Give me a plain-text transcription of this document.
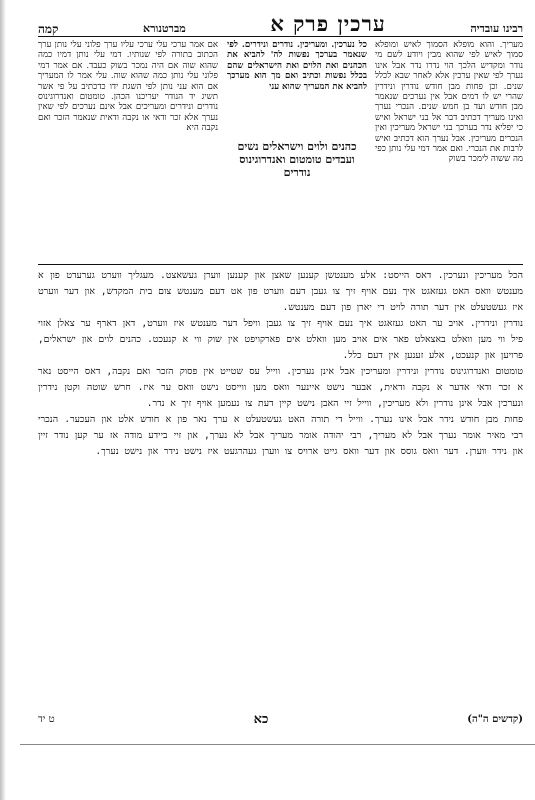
רבינו עובדיה
ערכין פרק א
מברטנורא
קמה
מעריך. והוא מופלא הסמוך לאיש ומופלא סמוך לאיש לפי שהוא מבין ויודע לשם מי נודר ומקדיש הלכך הוי נדרו נדר אבל אינו נערך לפי שאין ערכין אלא לאחר שבא לכלל שנים. וכן פחות מבן חודש נודרין ונידרין שהרי יש לו דמים אבל אין נערכים שנאמר מבן חודש ועד בן חמש שנים. הנכרי נערך ואינו מעריך דכתיב דבר אל בני ישראל ואיש כי יפליא נדר בערכך בני ישראל מעריכין ואין הנכרים מעריכין. אבל נערך הוא דכתיב ואיש לרבות את הנכרי. ואם אמר דמי עלי נותן כפי מה ששוה לימכר בשוק
כל נערכין. ומעריכין. נודרים ונידרים. לפי שנאמר בערכך נפשות לה' להביא את הכהנים ואת הלוים ואת הישראלים שהם בכלל נפשות וכתיב ואם מך הוא מערכך להביא את המעריך שהוא עני
כהנים ולוים וישראלים נשים ועבדים טומטום ואנדרוגינוס נודרים
אם אמר ערכי עלי ערכי עליו ערך פלוני עלי נותן ערך הכתוב בתורה לפי שנותיו. דמי עלי נותן דמיו כמה שהוא שוה אם היה נמכר בשוק כעבד. אם אמר דמי פלוני עלי נותן כמה שהוא שוה. עלי אמר לו המעריך אם הוא עני נותן לפי השגת ידו כדכתיב על פי אשר תשיג יד הנודר יעריכנו הכהן. טומטום ואנדרוגינוס נודרים ונידרים ומעריכים אבל אינם נערכים לפי שאין נערך אלא זכר ודאי או נקבה ודאית שנאמר הזכר ואם נקבה היא

הכל מעריכין ונערכין. דאס הייסט: אלע מענטשן קענען שאצן און קענען ווערן געשאצט. מעגליך ווערט גערעדט פון א מענטש וואס האט געזאגט איך נעם אויף זיך צו געבן דעם ווערט פון אט דעם מענטש צום בית המקדש, און דער ווערט איז געשטעלט אין דער תורה לויט די יארן פון דעם מענטש.

נודרין ונידרין. אויב ער האט געזאגט איך נעם אויף זיך צו געבן וויפל דער מענטש איז ווערט, דאן דארף ער צאלן אזוי פיל ווי מען וואלט באצאלט פאר אים אויב מען וואלט אים פארקויפט אין שוק ווי א קנעכט. כהנים לוים און ישראלים, פרויען און קנעכט, אלע זענען אין דעם כלל.

טומטום ואנדרוגינוס נודרין ונידרין ומעריכין אבל אינן נערכין. ווייל עס שטייט אין פסוק הזכר ואם נקבה, דאס הייסט נאר א זכר ודאי אדער א נקבה ודאית, אבער נישט איינער וואס מען ווייסט נישט וואס ער איז. חרש שוטה וקטן נידרין ונערכין אבל אינן נודרין ולא מעריכין, ווייל זיי האבן נישט קיין דעת צו נעמען אויף זיך א נדר.

פחות מבן חודש נידר אבל אינו נערך. ווייל די תורה האט געשטעלט א ערך נאר פון א חודש אלט און העכער. הנכרי רבי מאיר אומר נערך אבל לא מעריך, רבי יהודה אומר מעריך אבל לא נערך, און זיי ביידע מודה אז ער קען נודר זיין און נידר ווערן. דער וואס גוסס און דער וואס גייט ארויס צו ווערן געהרגעט איז נישט נידר און נישט נערך.

(קדשים ה"ה)
כא
ט יד
